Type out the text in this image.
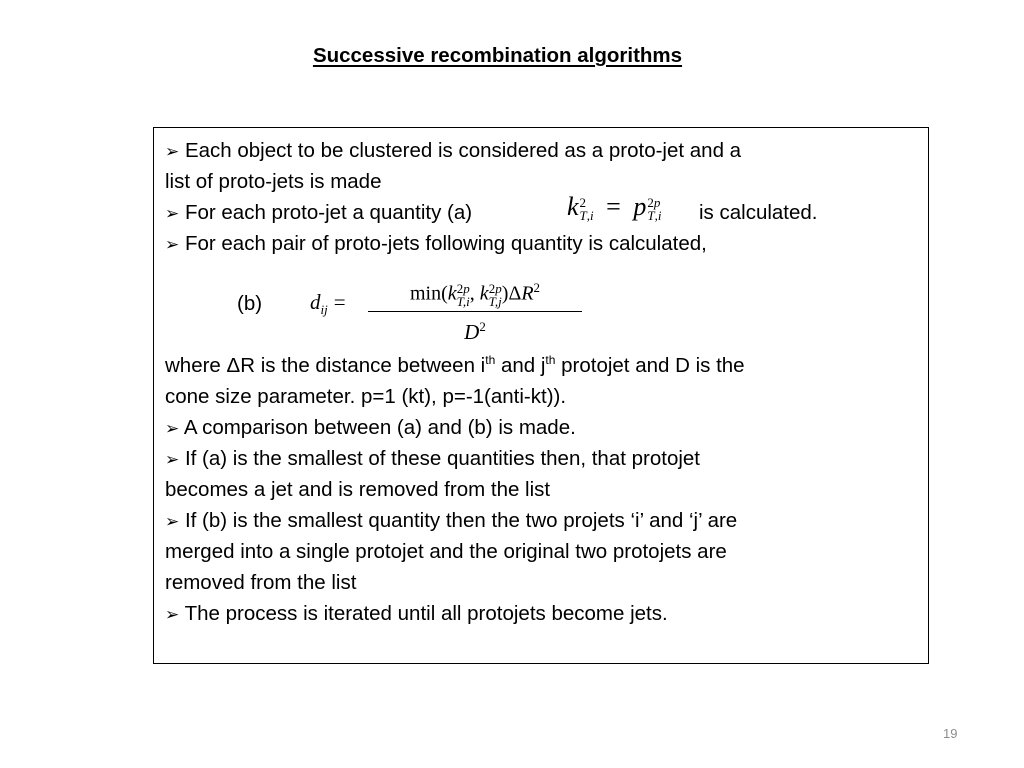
Successive recombination algorithms
➢ Each object to be clustered is considered as a proto-jet and a
list of proto-jets is made
➢ For each proto-jet a quantity (a)	k 2
T,i = p 2p
T,i is calculated.
➢ For each pair of proto-jets following quantity is calculated,
(b) $d_{ij}$ =	min(k 2p
T,i , k 2p
T,j )$\Delta R^2$
$D^2$
where ΔR is the distance between $i^{th}$ and $j^{th}$ protojet and D is the
cone size parameter. p=1 (kt), p=-1(anti-kt)).
➢ A comparison between (a) and (b) is made.
➢ If (a) is the smallest of these quantities then, that protojet
becomes a jet and is removed from the list
➢ If (b) is the smallest quantity then the two projets ‘i’ and ‘j’ are
merged into a single protojet and the original two protojets are
removed from the list
➢ The process is iterated until all protojets become jets.
19
